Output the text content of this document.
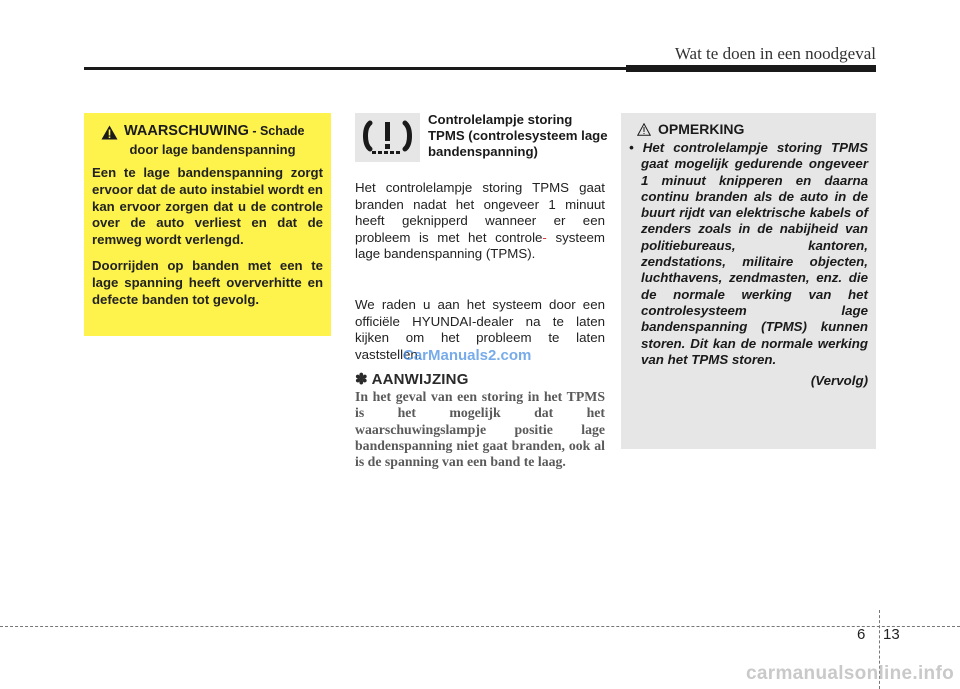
Wat te doen in een noodgeval
WAARSCHUWING - Schade
door lage bandenspanning
Een te lage bandenspanning zorgt ervoor dat de auto instabiel wordt en kan ervoor zorgen dat u de controle over de auto verliest en dat de remweg wordt verlengd.
Doorrijden op banden met een te lage spanning heeft oververhitte en defecte banden tot gevolg.
Controlelampje storing TPMS (controlesysteem lage bandenspanning)
Het controlelampje storing TPMS gaat branden nadat het ongeveer 1 minuut heeft geknipperd wanneer er een probleem is met het controle- systeem lage bandenspanning (TPMS).
We raden u aan het systeem door een officiële HYUNDAI-dealer na te laten kijken om het probleem te laten vaststellen.
CarManuals2.com
✽ AANWIJZING
In het geval van een storing in het TPMS is het mogelijk dat het waarschuwingslampje positie lage bandenspanning niet gaat branden, ook al is de spanning van een band te laag.
OPMERKING
• Het controlelampje storing TPMS gaat mogelijk gedurende ongeveer 1 minuut knipperen en daarna continu branden als de auto in de buurt rijdt van elektrische kabels of zenders zoals in de nabijheid van politiebureaus, kantoren, zendstations, militaire objecten, luchthavens, zendmasten, enz. die de normale werking van het controlesysteem lage bandenspanning (TPMS) kunnen storen. Dit kan de normale werking van het TPMS storen.
(Vervolg)
6 13
carmanualsonline.info
